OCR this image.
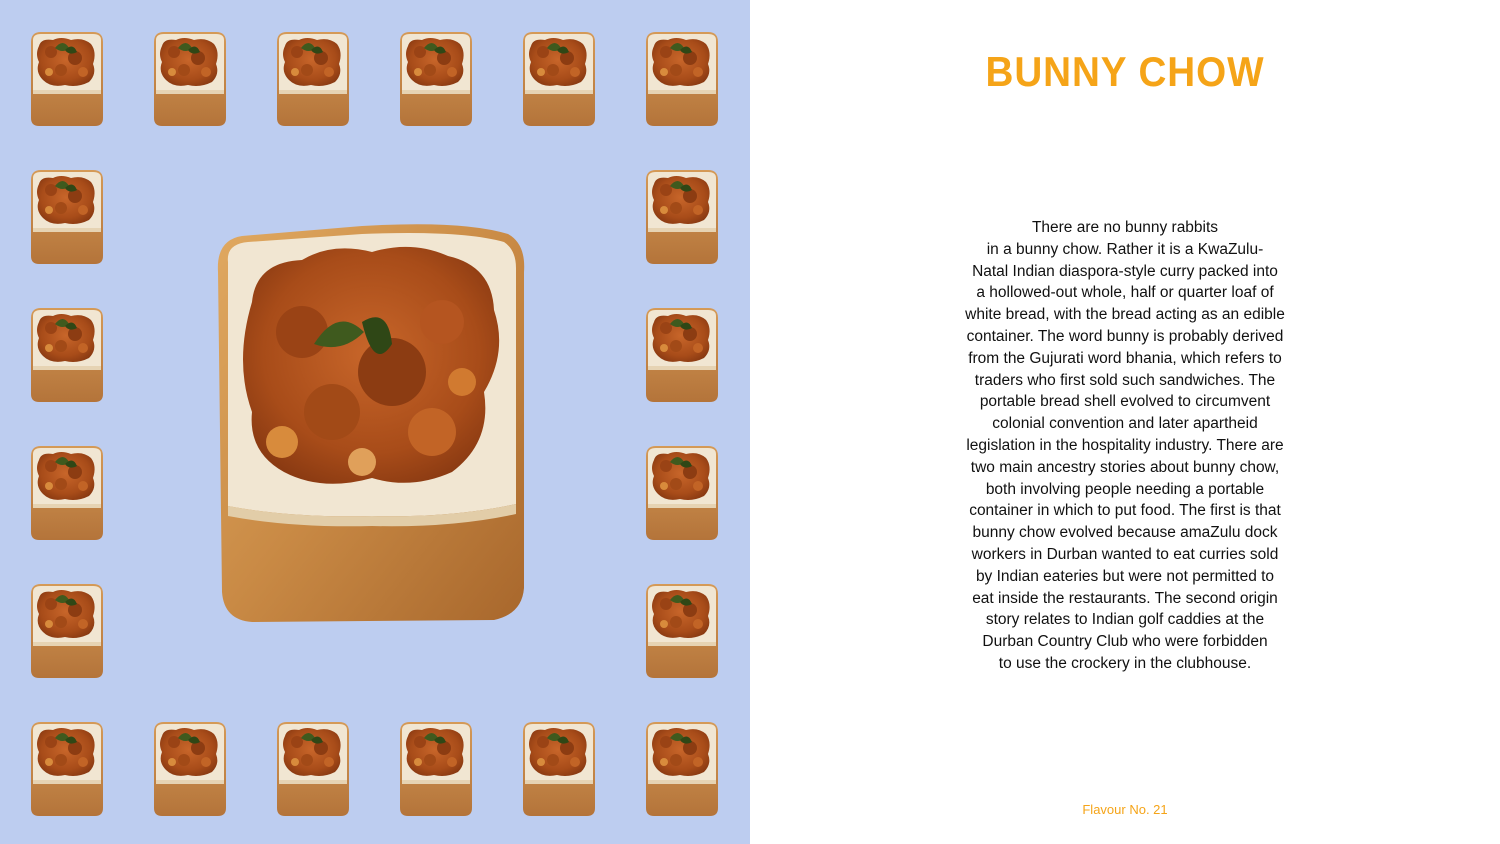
BUNNY CHOW
There are no bunny rabbits
in a bunny chow. Rather it is a KwaZulu-
Natal Indian diaspora-style curry packed into
a hollowed-out whole, half or quarter loaf of
white bread, with the bread acting as an edible
container. The word bunny is probably derived
from the Gujurati word bhania, which refers to
traders who first sold such sandwiches. The
portable bread shell evolved to circumvent
colonial convention and later apartheid
legislation in the hospitality industry. There are
two main ancestry stories about bunny chow,
both involving people needing a portable
container in which to put food. The first is that
bunny chow evolved because amaZulu dock
workers in Durban wanted to eat curries sold
by Indian eateries but were not permitted to
eat inside the restaurants. The second origin
story relates to Indian golf caddies at the
Durban Country Club who were forbidden
to use the crockery in the clubhouse.
Flavour No. 21
